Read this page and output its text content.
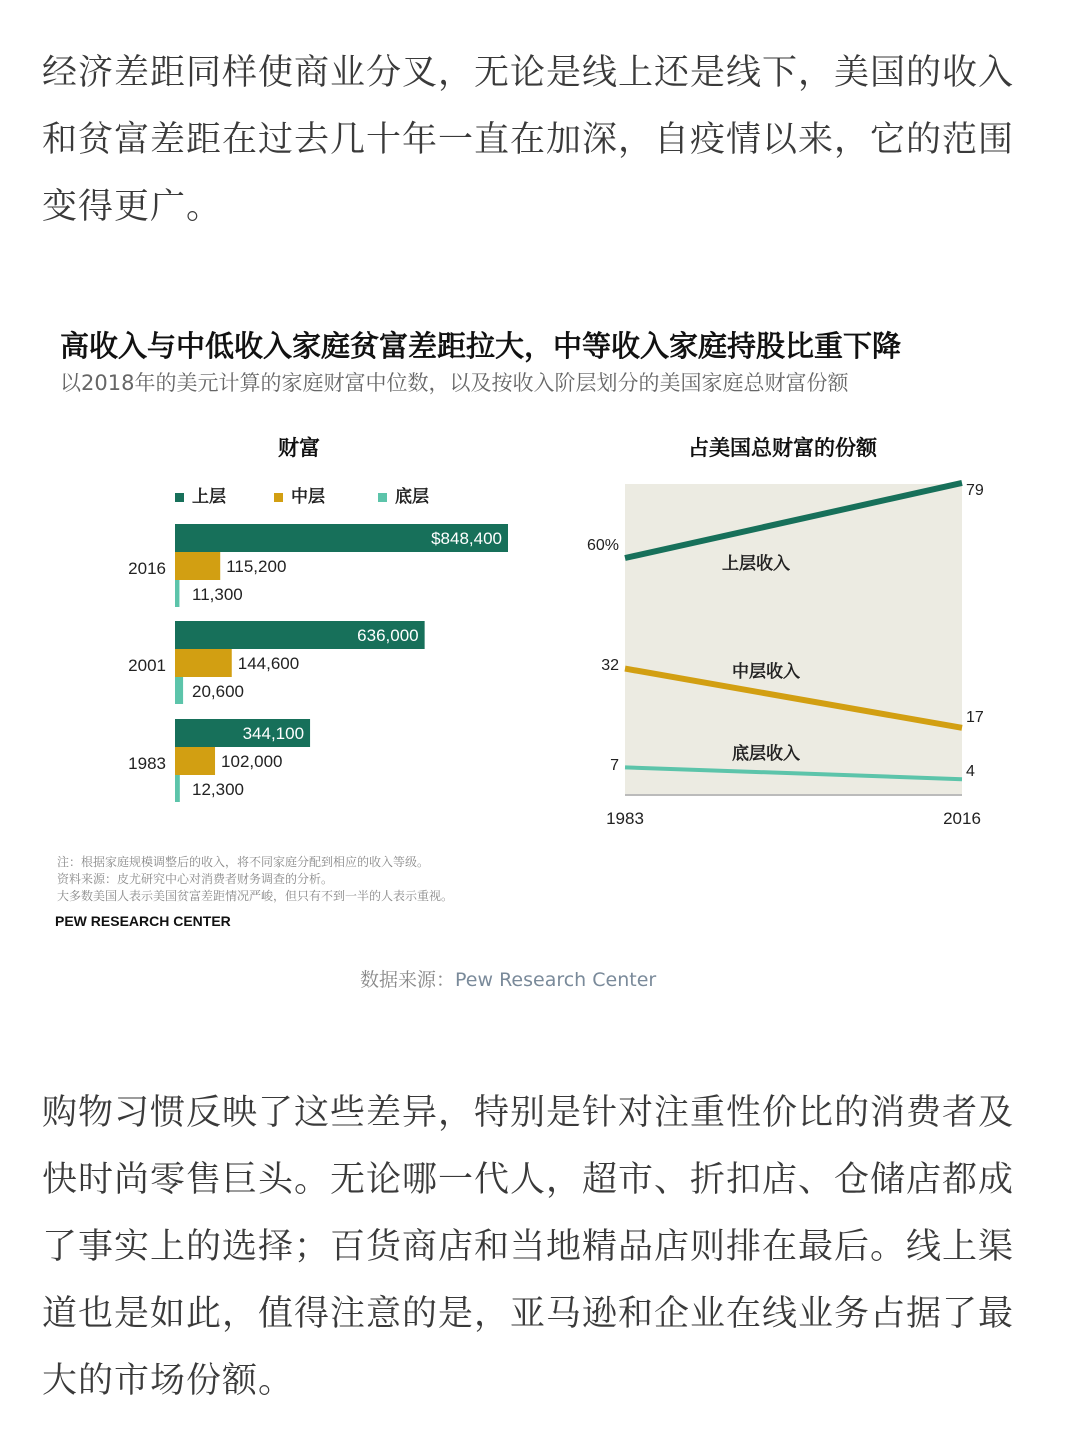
经济差距同样使商业分叉，无论是线上还是线下，美国的收入和贫富差距在过去几十年一直在加深，自疫情以来，它的范围变得更广。
高收入与中低收入家庭贫富差距拉大，中等收入家庭持股比重下降
以2018年的美元计算的家庭财富中位数，以及按收入阶层划分的美国家庭总财富份额
财富	占美国总财富的份额
上层	中层	底层
2016
$848,400
115,200
11,300
2001
636,000
144,600
20,600
1983
344,100
102,000
12,300
60%
79
上层收入
32
17
中层收入
7	4
底层收入
1983	2016
注：根据家庭规模调整后的收入，将不同家庭分配到相应的收入等级。
资料来源：皮尤研究中心对消费者财务调查的分析。
大多数美国人表示美国贫富差距情况严峻，但只有不到一半的人表示重视。
PEW RESEARCH CENTER
数据来源：Pew Research Center
购物习惯反映了这些差异，特别是针对注重性价比的消费者及快时尚零售巨头。无论哪一代人，超市、折扣店、仓储店都成了事实上的选择；百货商店和当地精品店则排在最后。线上渠道也是如此，值得注意的是，亚马逊和企业在线业务占据了最大的市场份额。
